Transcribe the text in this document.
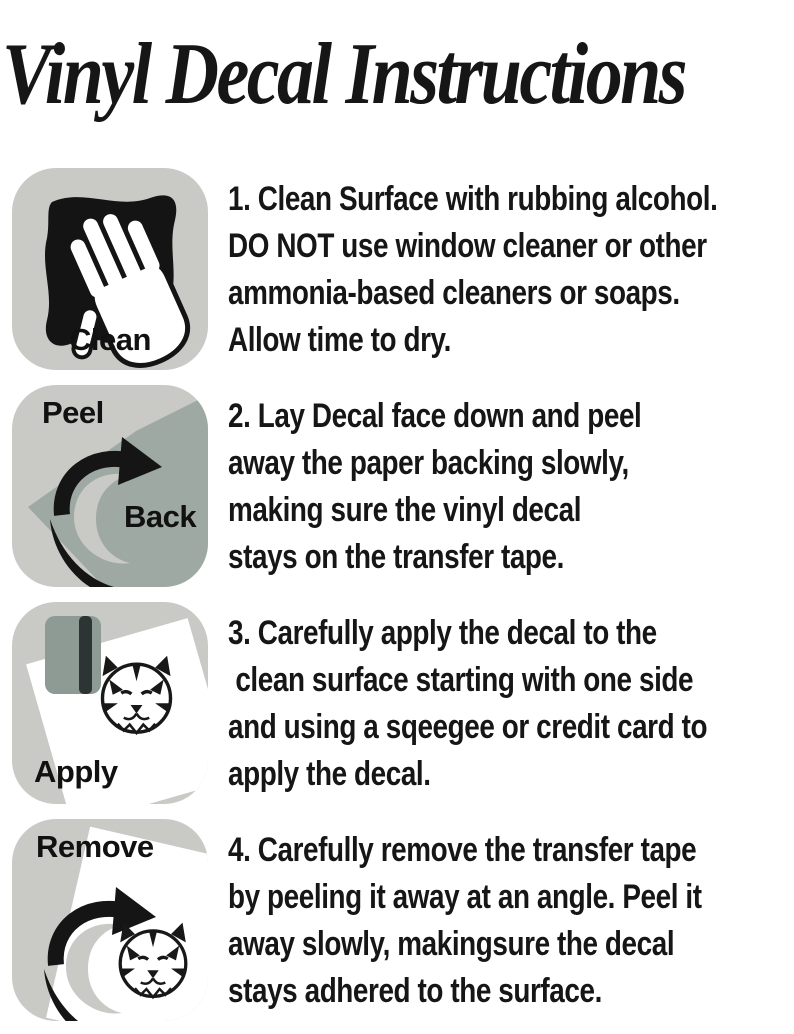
Vinyl Decal Instructions
Clean
1. Clean Surface with rubbing alcohol.
DO NOT use window cleaner or other
ammonia-based cleaners or soaps.
Allow time to dry.
Peel
Back
2. Lay Decal face down and peel
away the paper backing slowly,
making sure the vinyl decal
stays on the transfer tape.
Apply
3. Carefully apply the decal to the
clean surface starting with one side
and using a sqeegee or credit card to
apply the decal.
Remove 4. Carefully remove the transfer tape
by peeling it away at an angle. Peel it
away slowly, makingsure the decal
stays adhered to the surface.
